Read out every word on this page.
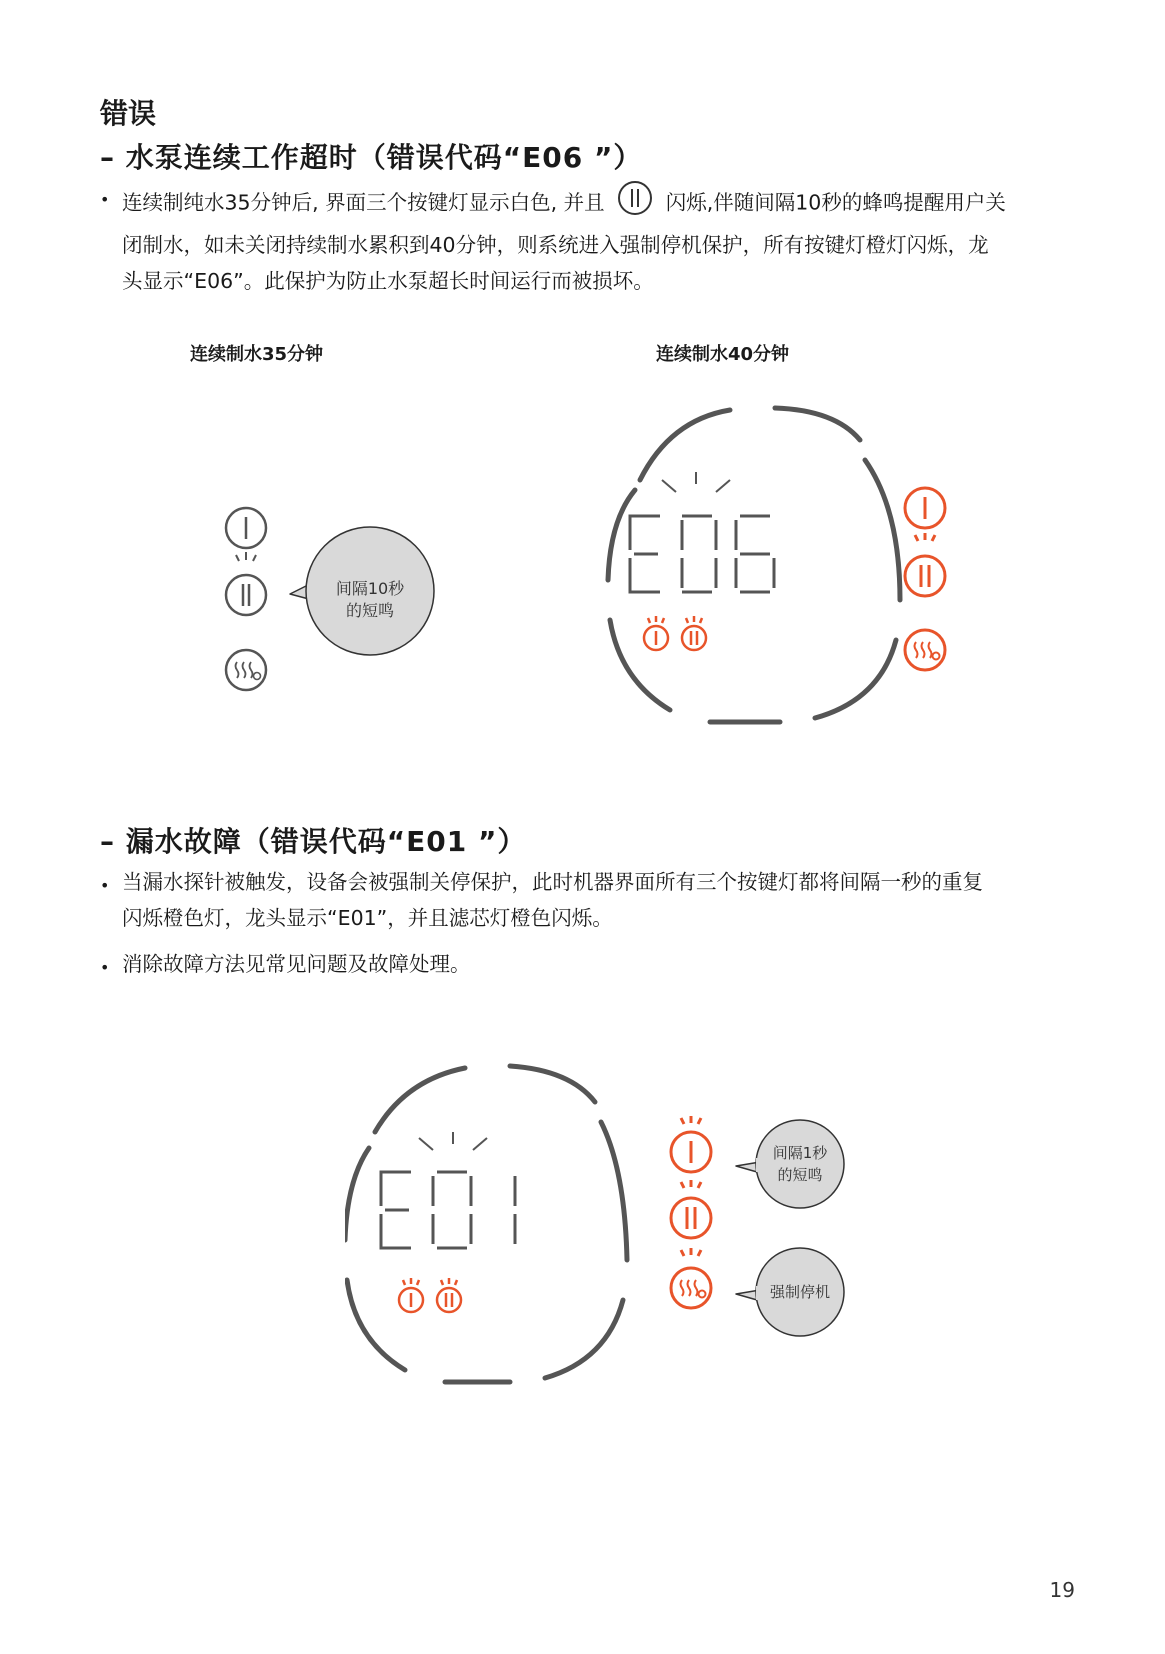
错误
– 水泵连续工作超时（错误代码“E06 ”）
• 连续制纯水35分钟后, 界面三个按键灯显示白色, 并且	闪烁,伴随间隔10秒的蜂鸣提醒用户关
闭制水，如未关闭持续制水累积到40分钟，则系统进入强制停机保护，所有按键灯橙灯闪烁，龙
头显示“E06”。此保护为防止水泵超长时间运行而被损坏。
连续制水35分钟	连续制水40分钟
间隔10秒
的短鸣
– 漏水故障（错误代码“E01 ”）
• 当漏水探针被触发，设备会被强制关停保护，此时机器界面所有三个按键灯都将间隔一秒的重复
闪烁橙色灯，龙头显示“E01”，并且滤芯灯橙色闪烁。
• 消除故障方法见常见问题及故障处理。
间隔1秒
的短鸣
强制停机
19
